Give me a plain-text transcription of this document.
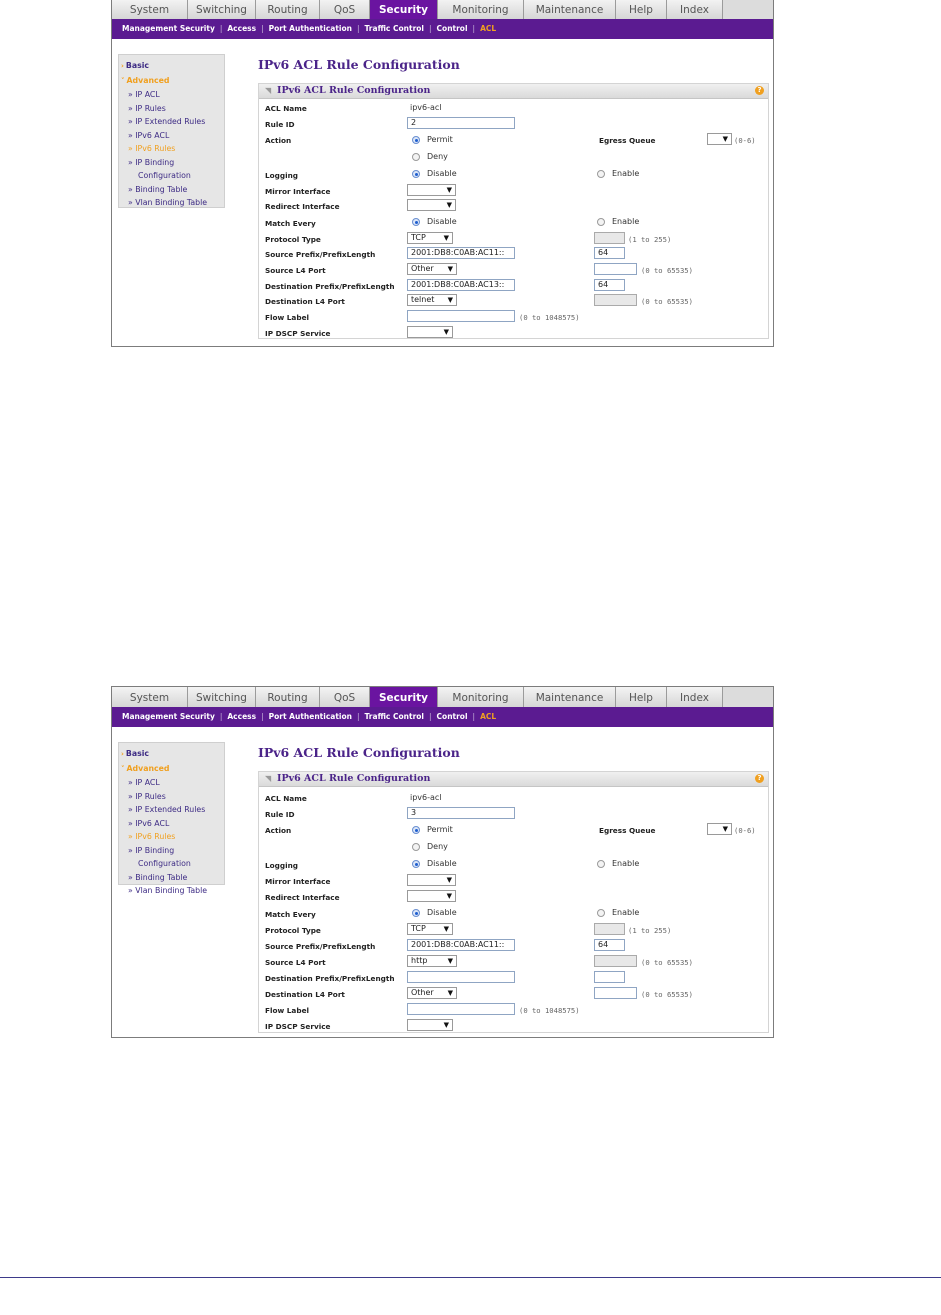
System	Switching	Routing	QoS	Security	Monitoring	Maintenance	Help	Index
Management Security | Access | Port Authentication | Traffic Control | Control | ACL
› Basic
˅ Advanced
» IP ACL
» IP Rules
» IP Extended Rules
» IPv6 ACL
» IPv6 Rules
» IP Binding
Configuration
» Binding Table
» Vlan Binding Table
IPv6 ACL Rule Configuration
◥ IPv6 ACL Rule Configuration	?
ACL Name	ipv6-acl
Rule ID	2
Action	Permit
Deny
Egress Queue	▼ (0-6)
Logging	Disable	Enable
Mirror Interface	▼
Redirect Interface	▼
Match Every	Disable	Enable
Protocol Type	TCP	▼	(1 to 255)
Source Prefix/PrefixLength	2001:DB8:C0AB:AC11::	64
Source L4 Port	Other ▼	(0 to 65535)
Destination Prefix/PrefixLength	2001:DB8:C0AB:AC13::	64
Destination L4 Port	telnet ▼	(0 to 65535)
Flow Label	(0 to 1048575)
IP DSCP Service	▼
System	Switching	Routing	QoS	Security	Monitoring	Maintenance	Help	Index
Management Security | Access | Port Authentication | Traffic Control | Control | ACL
› Basic
˅ Advanced
» IP ACL
» IP Rules
» IP Extended Rules
» IPv6 ACL
» IPv6 Rules
» IP Binding
Configuration
» Binding Table
» Vlan Binding Table
IPv6 ACL Rule Configuration
◥ IPv6 ACL Rule Configuration	?
ACL Name	ipv6-acl
Rule ID	3
Action	Permit
Deny
Egress Queue	▼ (0-6)
Logging	Disable	Enable
Mirror Interface	▼
Redirect Interface	▼
Match Every	Disable	Enable
Protocol Type	TCP	▼	(1 to 255)
Source Prefix/PrefixLength	2001:DB8:C0AB:AC11::	64
Source L4 Port	http	▼	(0 to 65535)
Destination Prefix/PrefixLength
Destination L4 Port	Other ▼	(0 to 65535)
Flow Label	(0 to 1048575)
IP DSCP Service	▼
